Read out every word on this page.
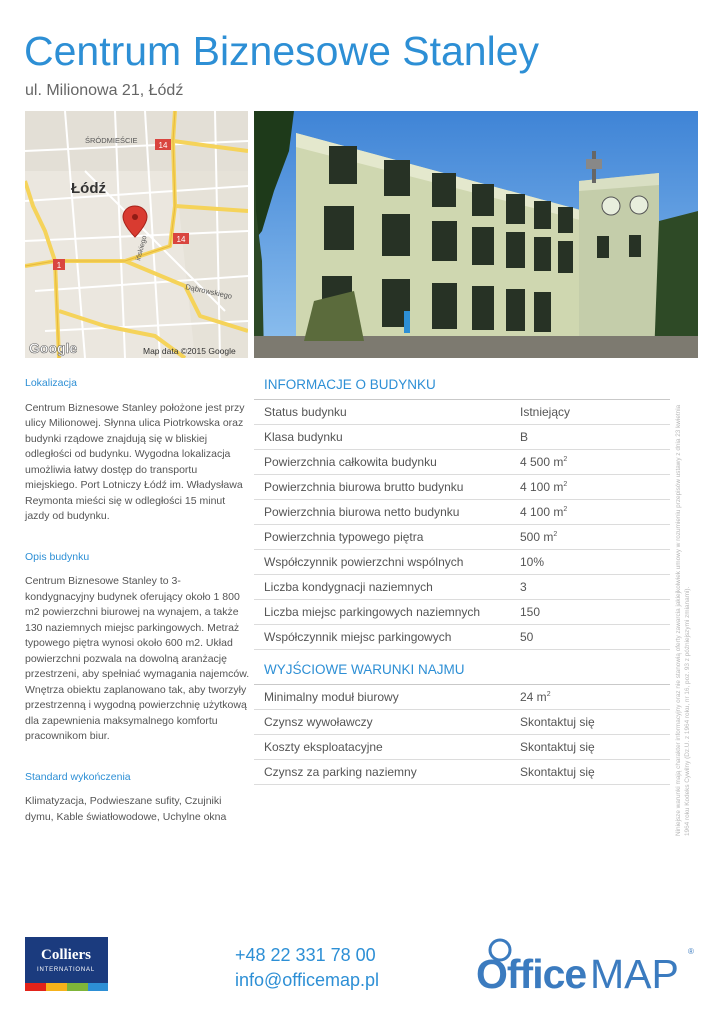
Centrum Biznesowe Stanley
ul. Milionowa 21, Łódź
14
14
1
ŚRÓDMIEŚCIE
Łódź
ińskiego
Dąbrowskiego
Google	Map data ©2015 Google
Lokalizacja

Centrum Biznesowe Stanley położone jest przy ulicy Milionowej. Słynna ulica Piotrkowska oraz budynki rządowe znajdują się w bliskiej odległości od budynku. Wygodna lokalizacja umożliwia łatwy dostęp do transportu miejskiego. Port Lotniczy Łódź im. Władysława Reymonta mieści się w odległości 15 minut jazdy od budynku.

Opis budynku

Centrum Biznesowe Stanley to 3-kondygnacyjny budynek oferujący około 1 800 m2 powierzchni biurowej na wynajem, a także 130 naziemnych miejsc parkingowych. Metraż typowego piętra wynosi około 600 m2. Układ powierzchni pozwala na dowolną aranżację przestrzeni, aby spełniać wymagania najemców. Wnętrza obiektu zaplanowano tak, aby tworzyły przestrzenną i wygodną powierzchnię użytkową dla zapewnienia maksymalnego komfortu pracownikom biur.

Standard wykończenia

Klimatyzacja, Podwieszane sufity, Czujniki dymu, Kable światłowodowe, Uchylne okna

INFORMACJE O BUDYNKU
Status budynku	Istniejący
Klasa budynku	B
Powierzchnia całkowita budynku	4 500 $m^2$
Powierzchnia biurowa brutto budynku	4 100 $m^2$
Powierzchnia biurowa netto budynku	4 100 $m^2$
Powierzchnia typowego piętra	500 $m^2$
Współczynnik powierzchni wspólnych	10%
Liczba kondygnacji naziemnych	3
Liczba miejsc parkingowych naziemnych	150
Współczynnik miejsc parkingowych	50
WYJŚCIOWE WARUNKI NAJMU
Minimalny moduł biurowy	24 $m^2$
Czynsz wywoławczy	Skontaktuj się
Koszty eksploatacyjne	Skontaktuj się
Czynsz za parking naziemny	Skontaktuj się	Niniejsze warunki mają charakter informacyjny oraz nie stanowią oferty zawarcia jakiejkolwiek umowy w rozumieniu przepisów ustawy z dnia 23 kwietnia 1964 roku Kodeks Cywilny (Dz.U. z 1964 roku, nr 16, poz. 93 z późniejszymi zmianami).
Colliers
INTERNATIONAL
+48 22 331 78 00
info@officemap.pl Office MAP ®
